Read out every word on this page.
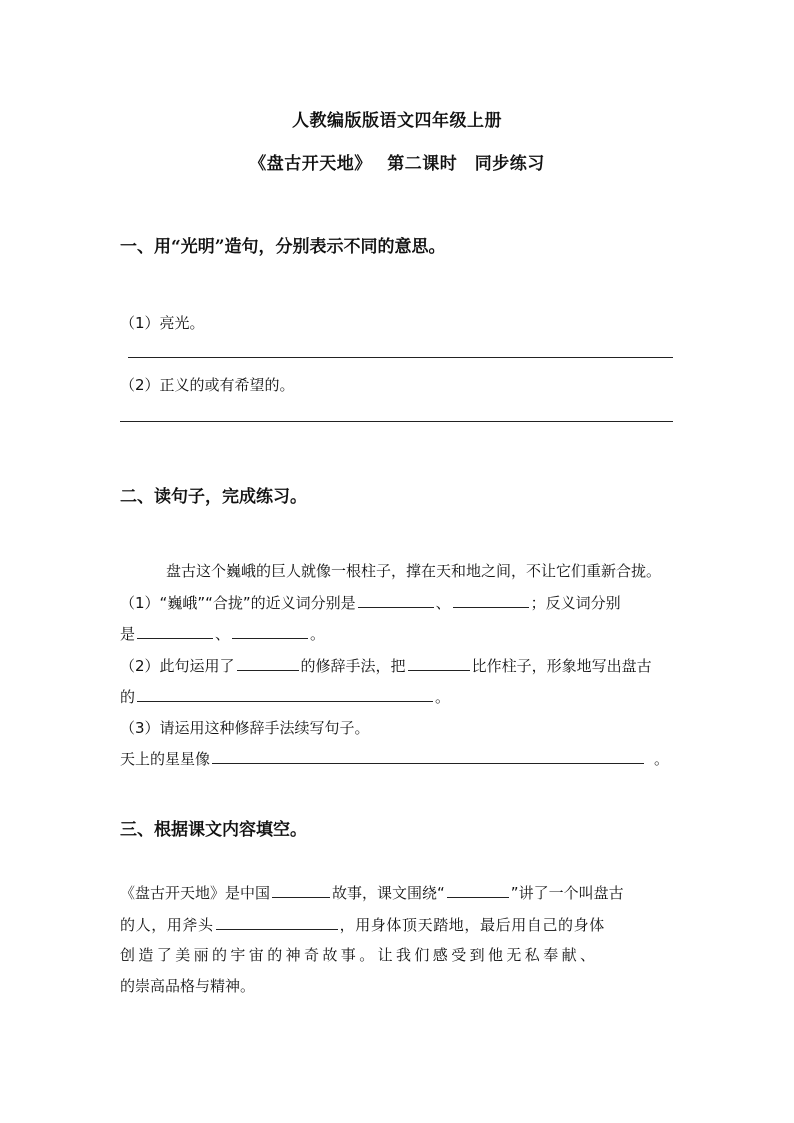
人教编版版语文四年级上册
《盘古开天地》　 第二课时　同步练习
一、用“光明”造句，分别表示不同的意思。
（1）亮光。
（2）正义的或有希望的。
二、读句子，完成练习。
盘古这个巍峨的巨人就像一根柱子，撑在天和地之间，不让它们重新合拢。
（1）“巍峨”“合拢”的近义词分别是	、	；反义词分别
是	、	。
（2）此句运用了	的修辞手法，把	比作柱子，形象地写出盘古
的	。
（3）请运用这种修辞手法续写句子。
天上的星星像	。
三、根据课文内容填空。
《盘古开天地》是中国	故事，课文围绕“	”讲了一个叫盘古
的人，用斧头	，用身体顶天踏地，最后用自己的身体
创造了美丽的宇宙的神奇故事。让我们感受到他无私奉献、
的崇高品格与精神。
